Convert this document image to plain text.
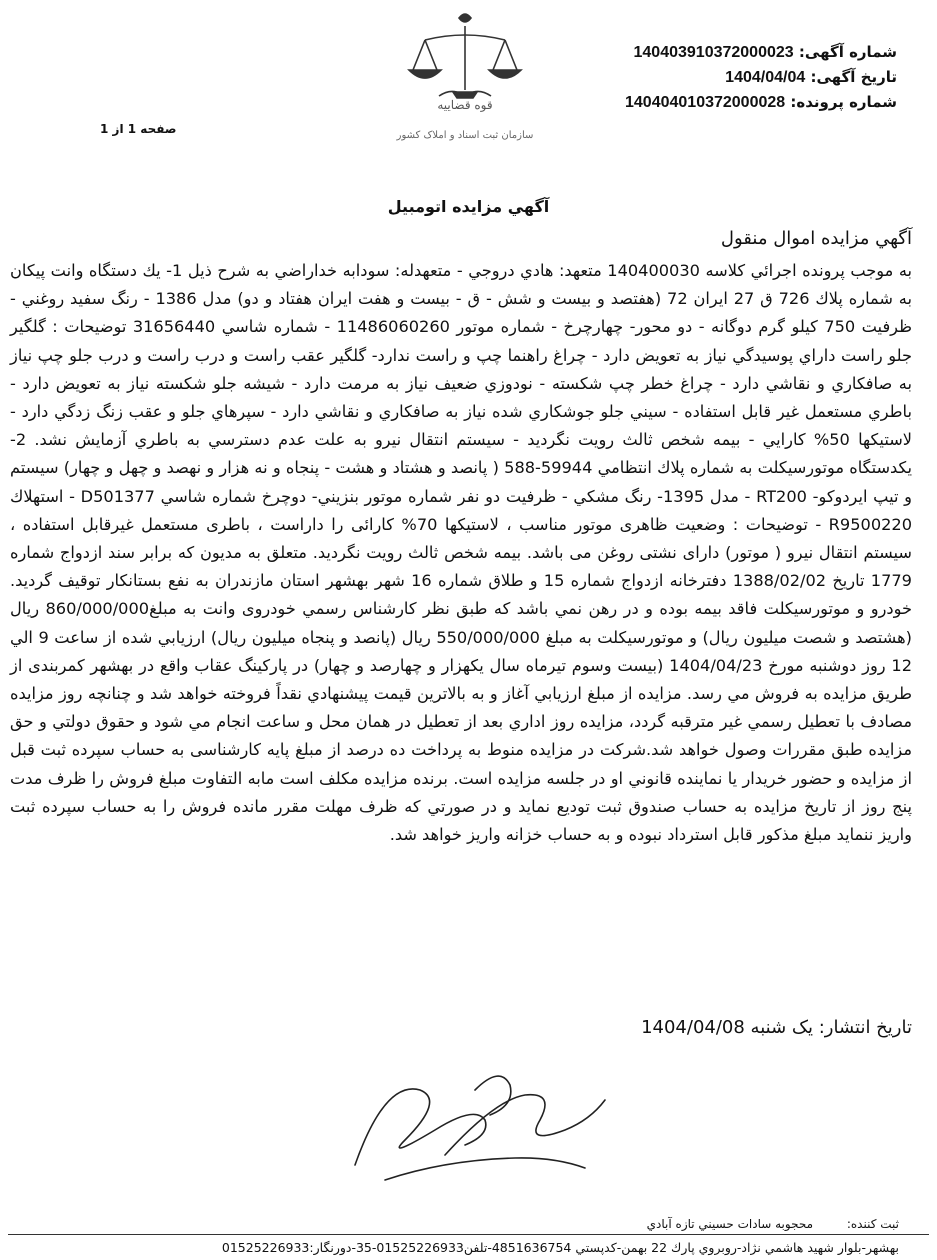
قوه قضاییه
سازمان ثبت اسناد و املاک کشور
شماره آگهی: 140403910372000023
تاریخ آگهی: 1404/04/04
شماره پرونده: 140404010372000028
صفحه 1 از 1
آگهي مزايده اتومبيل
آگهي مزايده اموال منقول
به موجب پرونده اجرائي كلاسه 140400030 متعهد: هادي دروجي - متعهدله: سودابه خداراضي به شرح ذيل 1- يك دستگاه وانت پيكان به شماره پلاك 726 ق 27 ايران 72 (هفتصد و بيست و شش - ق - بيست و هفت ايران هفتاد و دو) مدل 1386 - رنگ سفيد روغني - ظرفيت 750 كيلو گرم دوگانه - دو محور- چهارچرخ - شماره موتور 11486060260 - شماره شاسي 31656440 توضيحات : گلگير جلو راست داراي پوسيدگي نياز به تعويض دارد - چراغ راهنما چپ و راست ندارد- گلگير عقب راست و درب راست و درب جلو چپ نياز به صافكاري و نقاشي دارد - چراغ خطر چپ شكسته - نودوزي ضعيف نياز به مرمت دارد - شيشه جلو شكسته نياز به تعويض دارد - باطري مستعمل غير قابل استفاده - سيني جلو جوشكاري شده نياز به صافكاري و نقاشي دارد - سپرهاي جلو و عقب زنگ زدگي دارد - لاستيكها 50% كارايي - بيمه شخص ثالث رويت نگرديد - سيستم انتقال نيرو به علت عدم دسترسي به باطري آزمايش نشد. 2- يكدستگاه موتورسيكلت به شماره پلاك انتظامي 59944-588 ( پانصد و هشتاد و هشت - پنجاه و نه هزار و نهصد و چهل و چهار) سيستم و تيپ ايردوكو- RT200 - مدل 1395- رنگ مشكي - ظرفيت دو نفر شماره موتور بنزيني- دوچرخ شماره شاسي D501377 - استهلاك R9500220 - توضيحات : وضعیت ظاهری موتور مناسب ، لاستیکها 70% کارائی را داراست ، باطری مستعمل غیرقابل استفاده ، سیستم انتقال نیرو ( موتور) دارای نشتی روغن می باشد. بیمه شخص ثالث رویت نگردید. متعلق به مدیون که برابر سند ازدواج شماره 1779 تاریخ 1388/02/02 دفترخانه ازدواج شماره 15 و طلاق شماره 16 شهر بهشهر استان مازندران به نفع بستانكار توقيف گرديد. خودرو و موتورسيكلت فاقد بيمه بوده و در رهن نمي باشد كه طبق نظر كارشناس رسمي خودروی وانت به مبلغ860/000/000 ريال (هشتصد و شصت ميليون ريال) و موتورسيكلت به مبلغ 550/000/000 ريال (پانصد و پنجاه ميليون ريال) ارزيابي شده از ساعت 9 الي 12 روز دوشنبه مورخ 1404/04/23 (بیست وسوم تیرماه سال یکهزار و چهارصد و چهار) در پاركينگ عقاب واقع در بهشهر کمربندی از طريق مزايده به فروش مي رسد. مزايده از مبلغ ارزيابي آغاز و به بالاترين قيمت پيشنهادي نقداً فروخته خواهد شد و چنانچه روز مزايده مصادف با تعطيل رسمي غير مترقبه گردد، مزايده روز اداري بعد از تعطيل در همان محل و ساعت انجام مي شود و حقوق دولتي و حق مزايده طبق مقررات وصول خواهد شد.شركت در مزايده منوط به پرداخت ده درصد از مبلغ پايه كارشناسی به حساب سپرده ثبت قبل از مزايده و حضور خريدار يا نماينده قانوني او در جلسه مزايده است. برنده مزايده مكلف است مابه التفاوت مبلغ فروش را ظرف مدت پنج روز از تاريخ مزايده به حساب صندوق ثبت توديع نمايد و در صورتي كه ظرف مهلت مقرر مانده فروش را به حساب سپرده ثبت واريز ننمايد مبلغ مذكور قابل استرداد نبوده و به حساب خزانه واريز خواهد شد.
تاريخ انتشار: يک شنبه 1404/04/08
ثبت کننده: محجوبه سادات حسيني تازه آبادي
بهشهر-بلوار شهيد هاشمي نژاد-روبروي پارك 22 بهمن-كدپستي 4851636754-تلفن01525226933-35-دورنگار:01525226933
